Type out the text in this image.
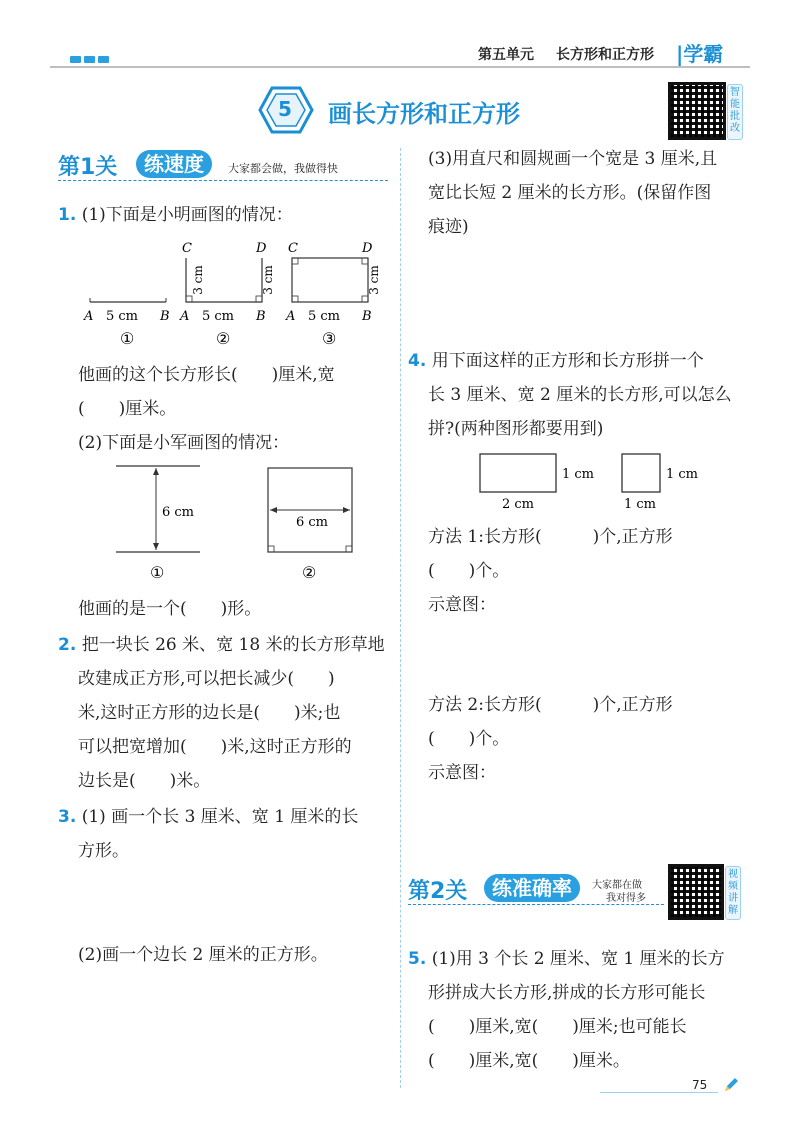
第五单元 长方形和正方形 |学霸
5 画长方形和正方形
智能批改
第1关	练速度	大家都会做，我做得快
1. (1)下面是小明画图的情况：
A 5 cm B
①
C	D
A 5 cm B
3 cm	3 cm
②
C	D
A 5 cm B
3 cm
③
他画的这个长方形长(　　)厘米,宽
(　　)厘米。
(2)下面是小军画图的情况：
6 cm
①
6 cm
②
他画的是一个(　　)形。
2. 把一块长 26 米、宽 18 米的长方形草地
改建成正方形,可以把长减少(　　)
米,这时正方形的边长是(　　)米;也
可以把宽增加(　　)米,这时正方形的
边长是(　　)米。
3. (1) 画一个长 3 厘米、宽 1 厘米的长
方形。
(2)画一个边长 2 厘米的正方形。
(3)用直尺和圆规画一个宽是 3 厘米,且
宽比长短 2 厘米的长方形。(保留作图
痕迹)
4. 用下面这样的正方形和长方形拼一个
长 3 厘米、宽 2 厘米的长方形,可以怎么
拼?(两种图形都要用到)
1 cm
2 cm
1 cm
1 cm
方法 1:长方形(　　　)个,正方形
(　　)个。
示意图：
方法 2:长方形(　　　)个,正方形
(　　)个。
示意图：
第2关	练准确率	大家都在做
我对得多
视频讲解
5. (1)用 3 个长 2 厘米、宽 1 厘米的长方
形拼成大长方形,拼成的长方形可能长
(　　)厘米,宽(　　)厘米;也可能长
(　　)厘米,宽(　　)厘米。
75
